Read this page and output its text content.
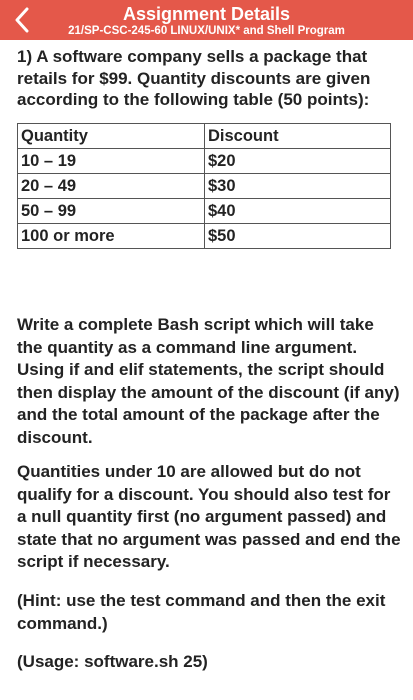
Assignment Details
21/SP-CSC-245-60 LINUX/UNIX* and Shell Program

1) A software company sells a package that retails for $99. Quantity discounts are given according to the following table (50 points):

Quantity	Discount
10 – 19	$20
20 – 49	$30
50 – 99	$40
100 or more	$50

Write a complete Bash script which will take the quantity as a command line argument. Using if and elif statements, the script should then display the amount of the discount (if any) and the total amount of the package after the discount.

Quantities under 10 are allowed but do not qualify for a discount. You should also test for a null quantity first (no argument passed) and state that no argument was passed and end the script if necessary.

(Hint: use the test command and then the exit command.)

(Usage: software.sh 25)
